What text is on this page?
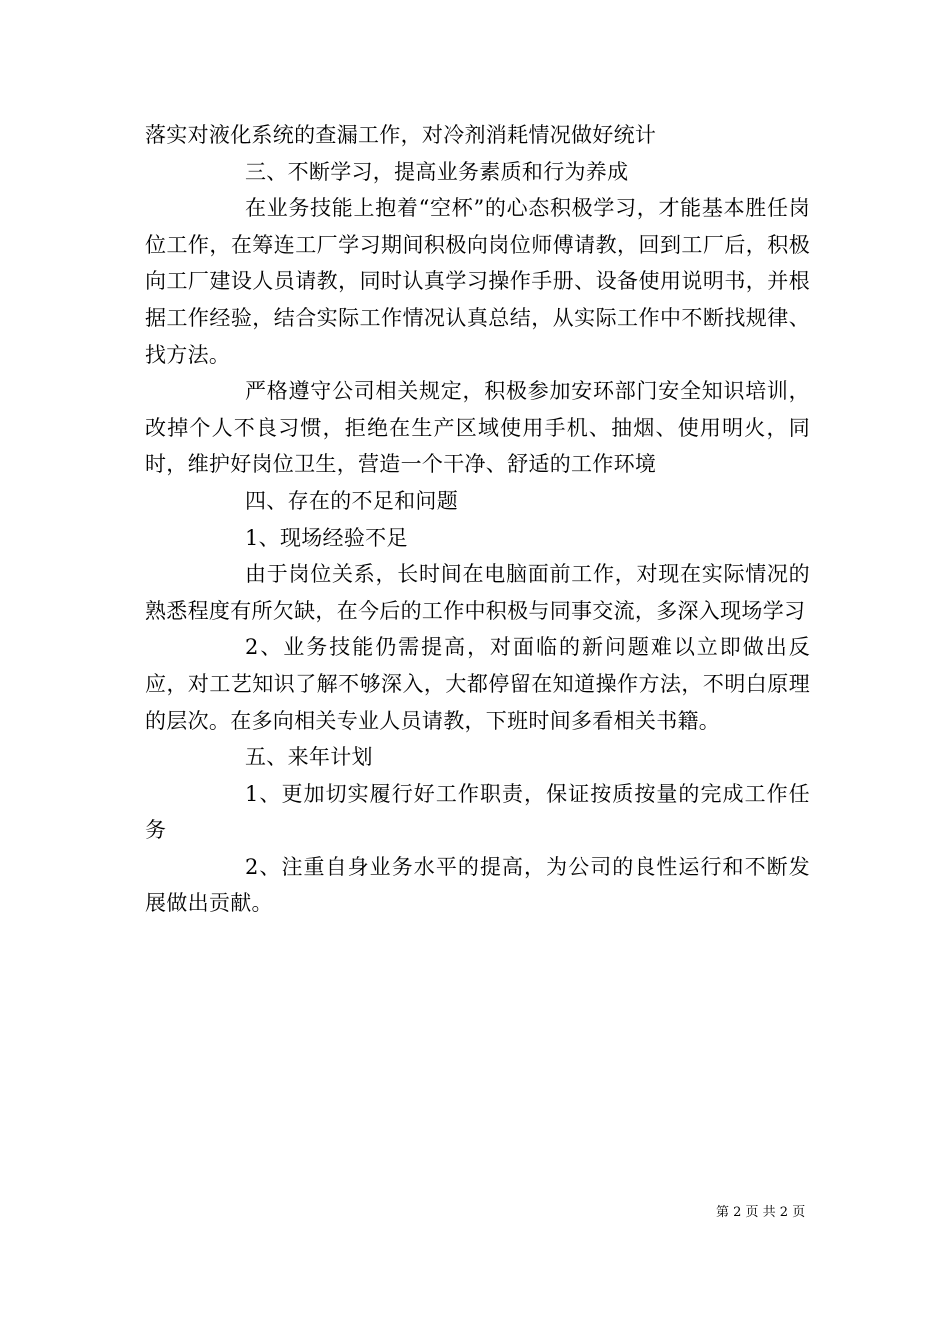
落实对液化系统的查漏工作，对冷剂消耗情况做好统计

三、不断学习，提高业务素质和行为养成

在业务技能上抱着“空杯”的心态积极学习，才能基本胜任岗位工作，在筹连工厂学习期间积极向岗位师傅请教，回到工厂后，积极向工厂建设人员请教，同时认真学习操作手册、设备使用说明书，并根据工作经验，结合实际工作情况认真总结，从实际工作中不断找规律、找方法。

严格遵守公司相关规定，积极参加安环部门安全知识培训，改掉个人不良习惯，拒绝在生产区域使用手机、抽烟、使用明火，同时，维护好岗位卫生，营造一个干净、舒适的工作环境

四、存在的不足和问题

1、现场经验不足

由于岗位关系，长时间在电脑面前工作，对现在实际情况的熟悉程度有所欠缺，在今后的工作中积极与同事交流，多深入现场学习

2、业务技能仍需提高，对面临的新问题难以立即做出反应，对工艺知识了解不够深入，大都停留在知道操作方法，不明白原理的层次。在多向相关专业人员请教，下班时间多看相关书籍。

五、来年计划

1、更加切实履行好工作职责，保证按质按量的完成工作任务

2、注重自身业务水平的提高，为公司的良性运行和不断发展做出贡献。

第 2 页 共 2 页
